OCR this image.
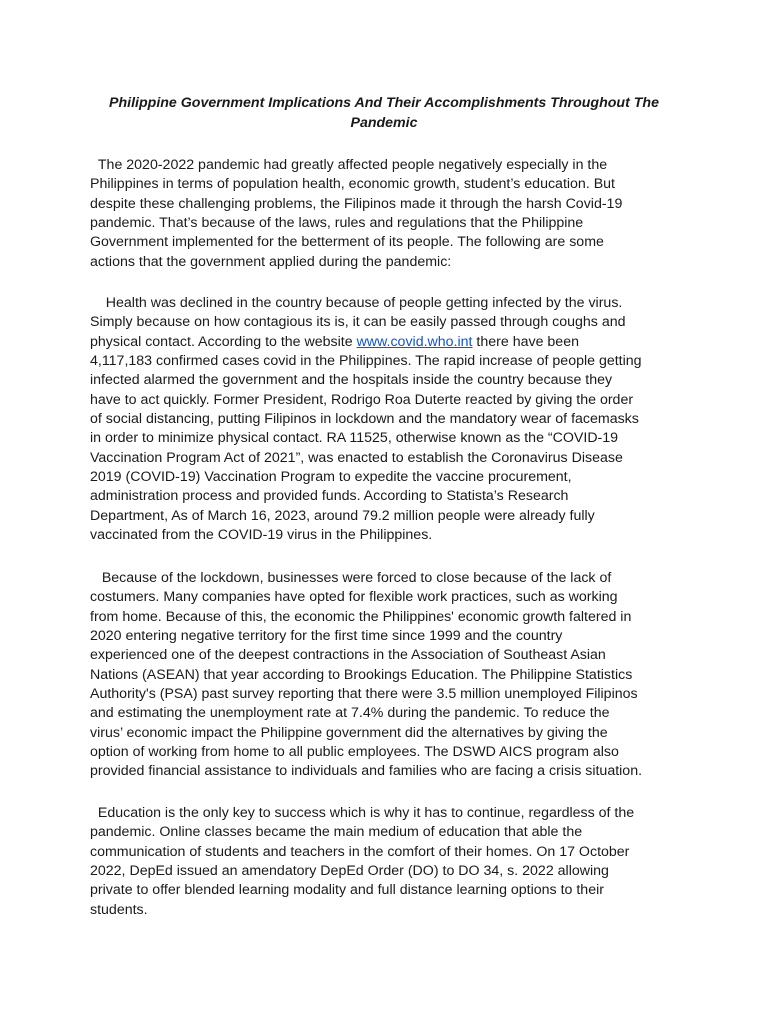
Philippine Government Implications And Their Accomplishments Throughout The
Pandemic

The 2020-2022 pandemic had greatly affected people negatively especially in the
Philippines in terms of population health, economic growth, student’s education. But
despite these challenging problems, the Filipinos made it through the harsh Covid-19
pandemic. That’s because of the laws, rules and regulations that the Philippine
Government implemented for the betterment of its people. The following are some
actions that the government applied during the pandemic:

Health was declined in the country because of people getting infected by the virus.
Simply because on how contagious its is, it can be easily passed through coughs and
physical contact. According to the website www.covid.who.int there have been
4,117,183 confirmed cases covid in the Philippines. The rapid increase of people getting
infected alarmed the government and the hospitals inside the country because they
have to act quickly. Former President, Rodrigo Roa Duterte reacted by giving the order
of social distancing, putting Filipinos in lockdown and the mandatory wear of facemasks
in order to minimize physical contact. RA 11525, otherwise known as the “COVID-19
Vaccination Program Act of 2021”, was enacted to establish the Coronavirus Disease
2019 (COVID-19) Vaccination Program to expedite the vaccine procurement,
administration process and provided funds. According to Statista’s Research
Department, As of March 16, 2023, around 79.2 million people were already fully
vaccinated from the COVID-19 virus in the Philippines.

Because of the lockdown, businesses were forced to close because of the lack of
costumers. Many companies have opted for flexible work practices, such as working
from home. Because of this, the economic the Philippines' economic growth faltered in
2020 entering negative territory for the first time since 1999 and the country
experienced one of the deepest contractions in the Association of Southeast Asian
Nations (ASEAN) that year according to Brookings Education. The Philippine Statistics
Authority's (PSA) past survey reporting that there were 3.5 million unemployed Filipinos
and estimating the unemployment rate at 7.4% during the pandemic. To reduce the
virus’ economic impact the Philippine government did the alternatives by giving the
option of working from home to all public employees. The DSWD AICS program also
provided financial assistance to individuals and families who are facing a crisis situation.

Education is the only key to success which is why it has to continue, regardless of the
pandemic. Online classes became the main medium of education that able the
communication of students and teachers in the comfort of their homes. On 17 October
2022, DepEd issued an amendatory DepEd Order (DO) to DO 34, s. 2022 allowing
private to offer blended learning modality and full distance learning options to their
students.
